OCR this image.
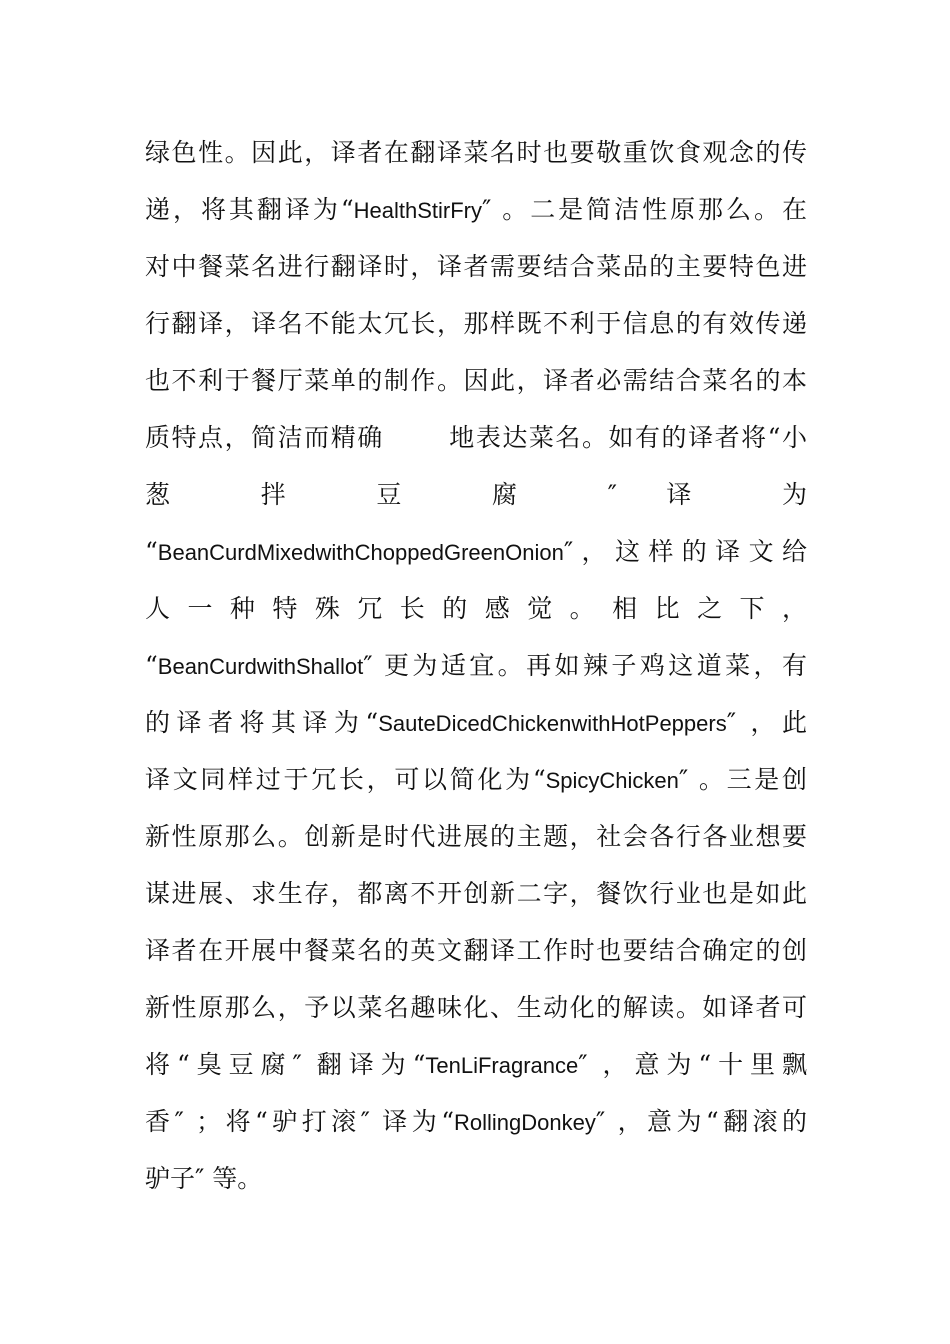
绿色性。因此，译者在翻译菜名时也要敬重饮食观念的传
递，将其翻译为“HealthStirFry″ 。二是简洁性原那么。在
对中餐菜名进行翻译时，译者需要结合菜品的主要特色进
行翻译，译名不能太冗长，那样既不利于信息的有效传递
也不利于餐厅菜单的制作。因此，译者必需结合菜名的本
质特点，简洁而精确	地表达菜名。如有的译者将“小
葱 拌 豆 腐 ″ 译 为
“BeanCurdMixedwithChoppedGreenOnion″，这样的译文给
人 一 种 特 殊 冗 长 的 感 觉 。 相 比 之 下 ，
“BeanCurdwithShallot″ 更为适宜。再如辣子鸡这道菜，有
的译者将其译为“SauteDicedChickenwithHotPeppers″ ，此
译文同样过于冗长，可以简化为“SpicyChicken″ 。三是创
新性原那么。创新是时代进展的主题，社会各行各业想要
谋进展、求生存，都离不开创新二字，餐饮行业也是如此
译者在开展中餐菜名的英文翻译工作时也要结合确定的创
新性原那么，予以菜名趣味化、生动化的解读。如译者可
将“臭豆腐″ 翻译为“TenLiFragrance″ ，意为“十里飘
香″ ；将“驴打滚″ 译为“RollingDonkey″ ，意为“翻滚的
驴子″ 等。
